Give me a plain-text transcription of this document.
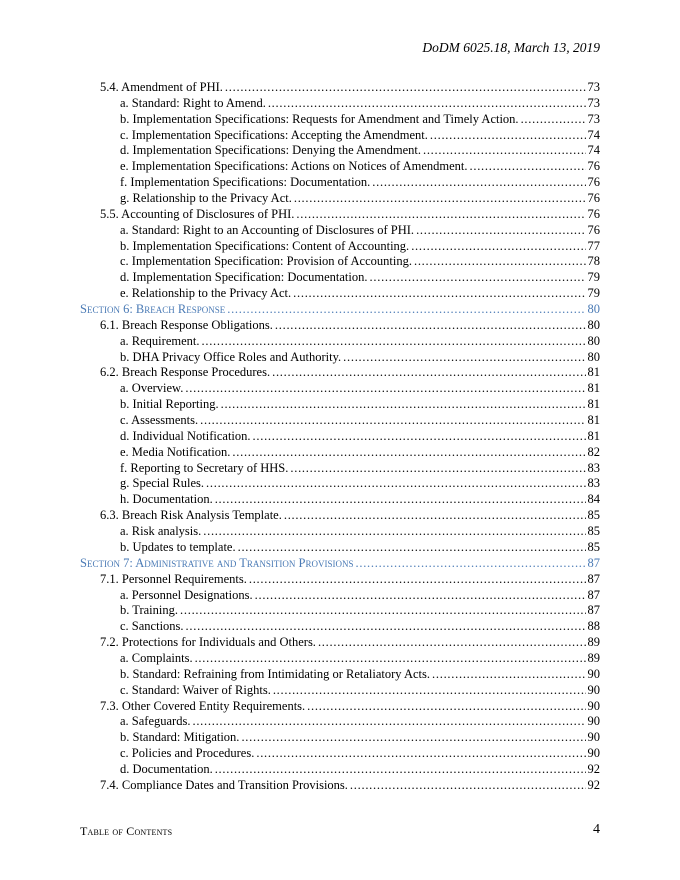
DoDM 6025.18, March 13, 2019
5.4. Amendment of PHI. . . .	73
a. Standard: Right to Amend. . . .	73
b. Implementation Specifications: Requests for Amendment and Timely Action. . . .	73
c. Implementation Specifications: Accepting the Amendment. . . .	74
d. Implementation Specifications: Denying the Amendment. . . .	74
e. Implementation Specifications: Actions on Notices of Amendment. . . .	76
f. Implementation Specifications: Documentation. . . .	76
g. Relationship to the Privacy Act. . . .	76
5.5. Accounting of Disclosures of PHI. . . .	76
a. Standard: Right to an Accounting of Disclosures of PHI. . . .	76
b. Implementation Specifications: Content of Accounting. . . .	77
c. Implementation Specification: Provision of Accounting. . . .	78
d. Implementation Specification: Documentation. . . .	79
e. Relationship to the Privacy Act. . . .	79
Section 6: Breach Response . . .	80
6.1. Breach Response Obligations. . . .	80
a. Requirement. . . .	80
b. DHA Privacy Office Roles and Authority. . . .	80
6.2. Breach Response Procedures. . . .	81
a. Overview. . . .	81
b. Initial Reporting. . . .	81
c. Assessments. . . .	81
d. Individual Notification. . . .	81
e. Media Notification. . . .	82
f. Reporting to Secretary of HHS. . . .	83
g. Special Rules. . . .	83
h. Documentation. . . .	84
6.3. Breach Risk Analysis Template. . . .	85
a. Risk analysis. . . .	85
b. Updates to template. . . .	85
Section 7: Administrative and Transition Provisions . . .	87
7.1. Personnel Requirements. . . .	87
a. Personnel Designations. . . .	87
b. Training. . . .	87
c. Sanctions. . . .	88
7.2. Protections for Individuals and Others. . . .	89
a. Complaints. . . .	89
b. Standard: Refraining from Intimidating or Retaliatory Acts. . . .	90
c. Standard: Waiver of Rights. . . .	90
7.3. Other Covered Entity Requirements. . . .	90
a. Safeguards. . . .	90
b. Standard: Mitigation. . . .	90
c. Policies and Procedures. . . .	90
d. Documentation. . . .	92
7.4. Compliance Dates and Transition Provisions. . . .	92
Table of Contents	4
